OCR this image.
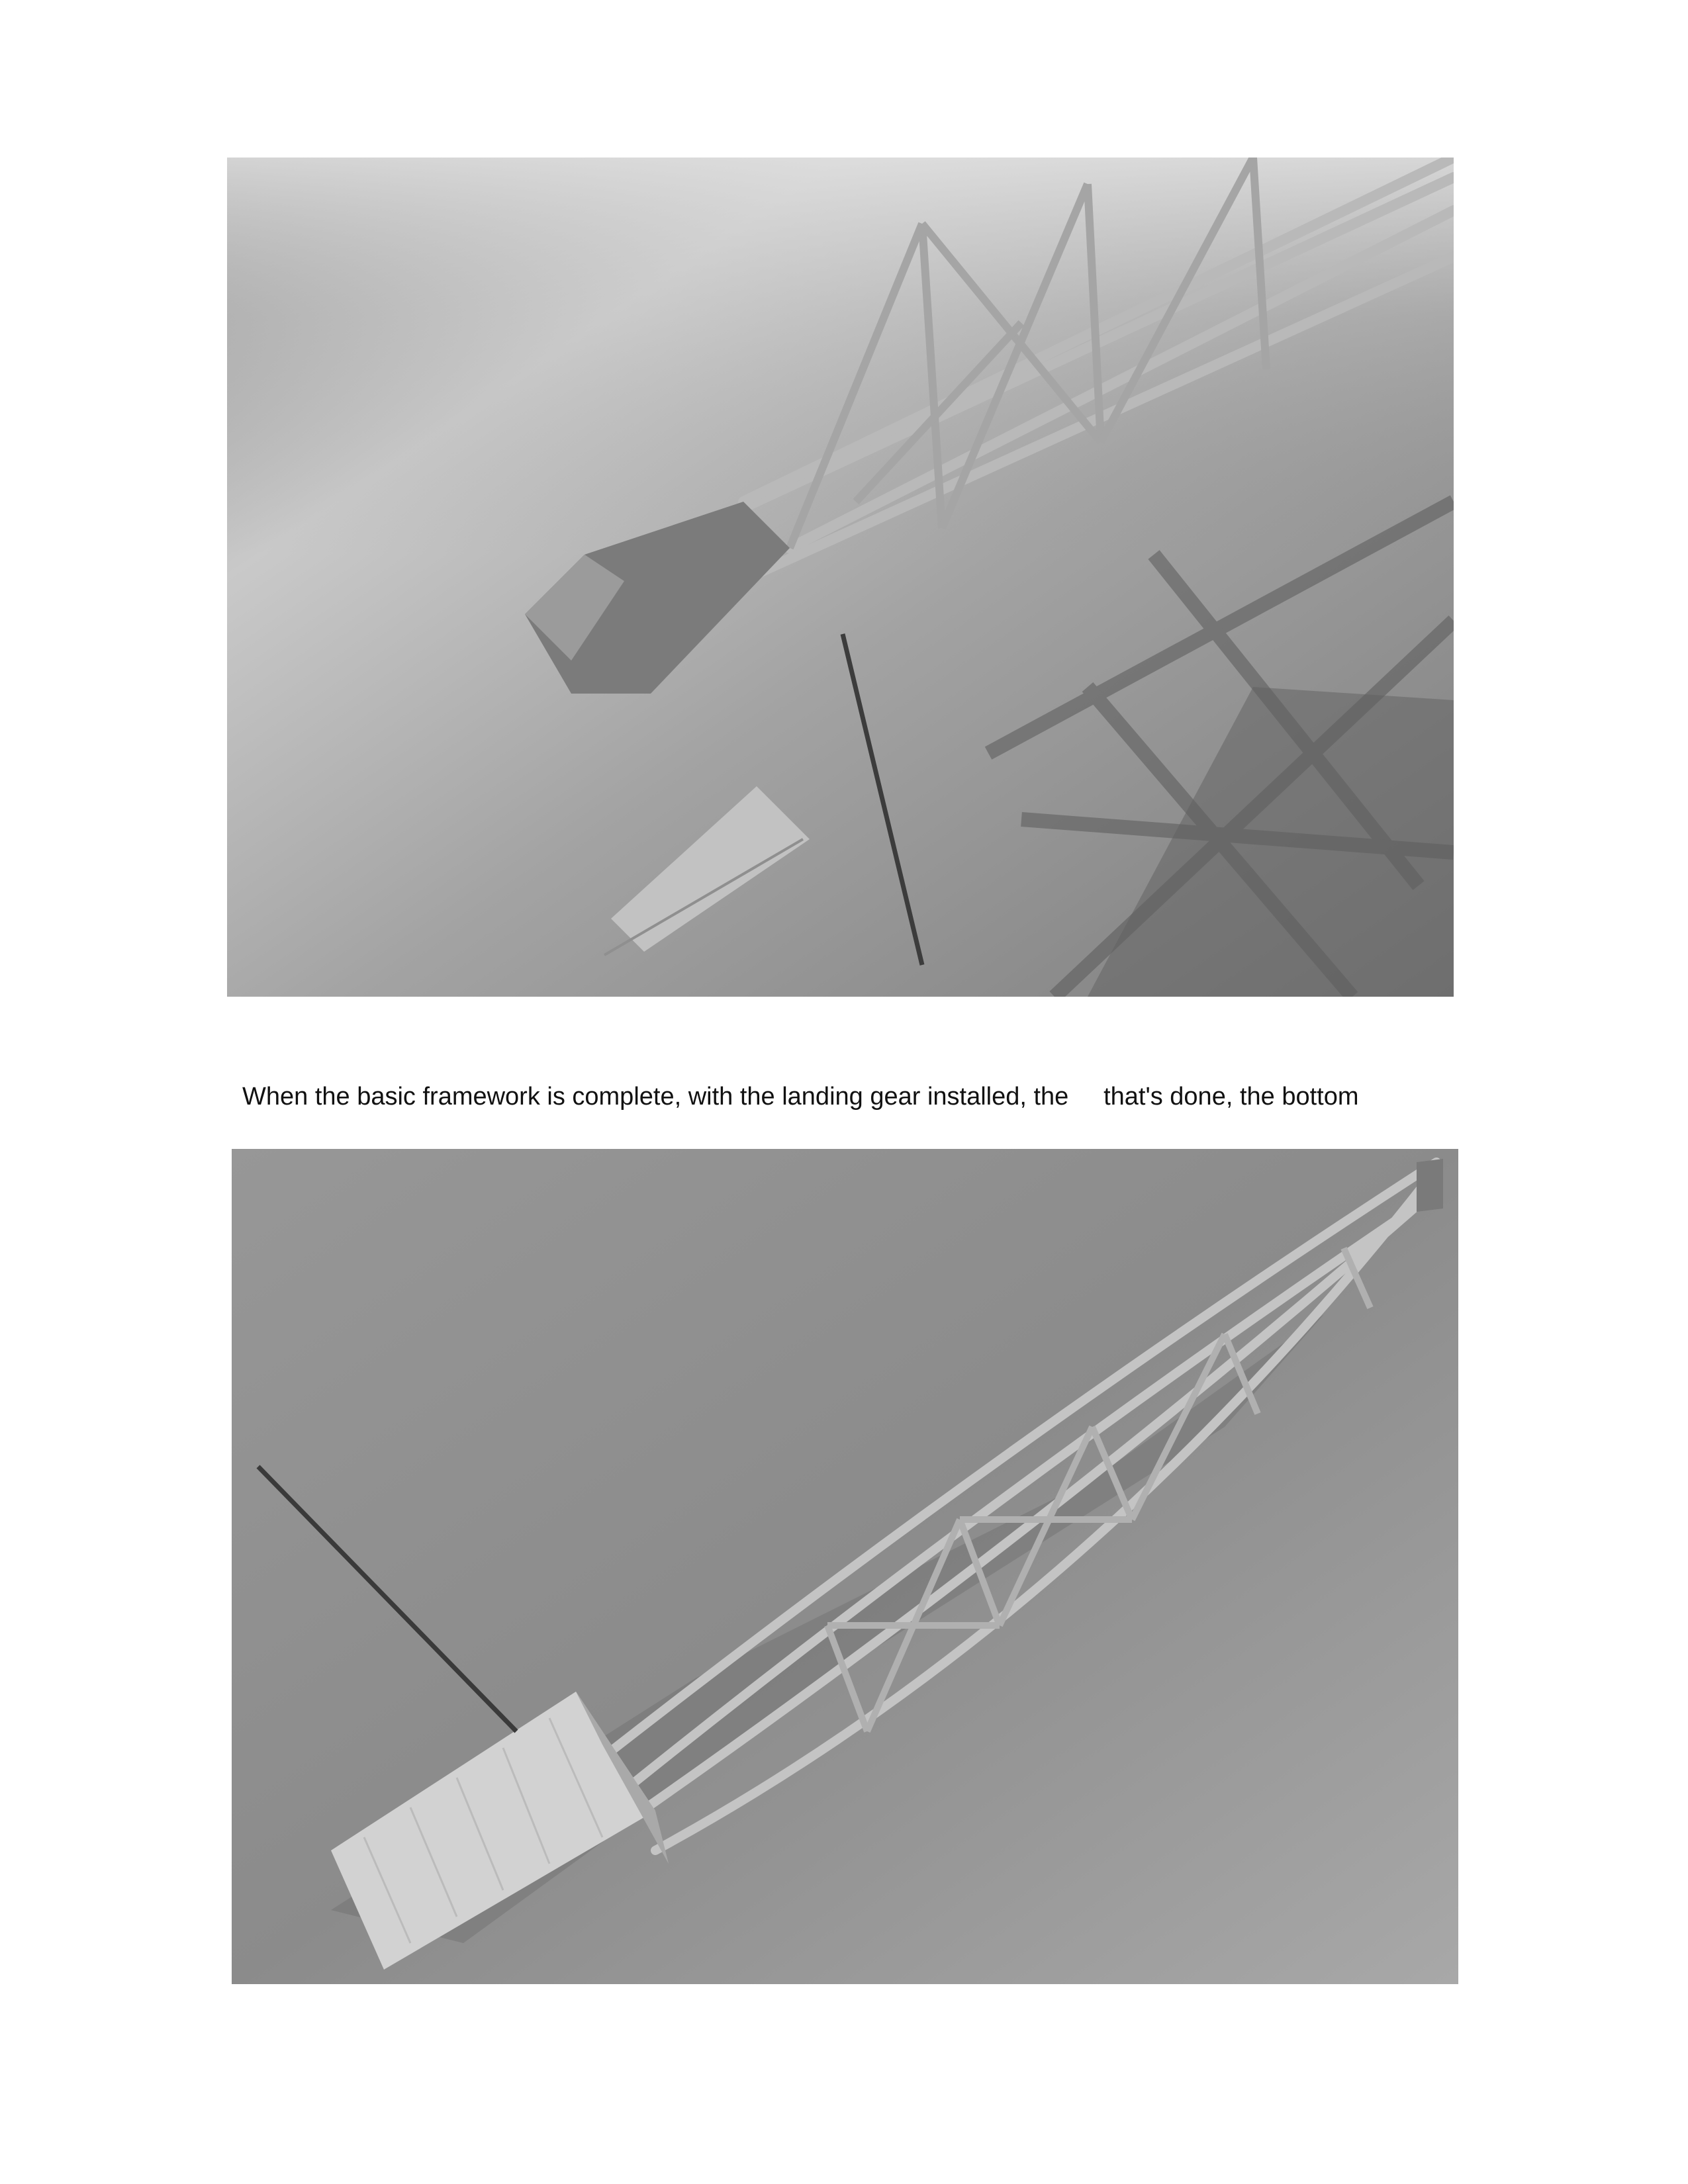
When the basic framework is complete, with the landing gear installed, the     that's done, the bottom
